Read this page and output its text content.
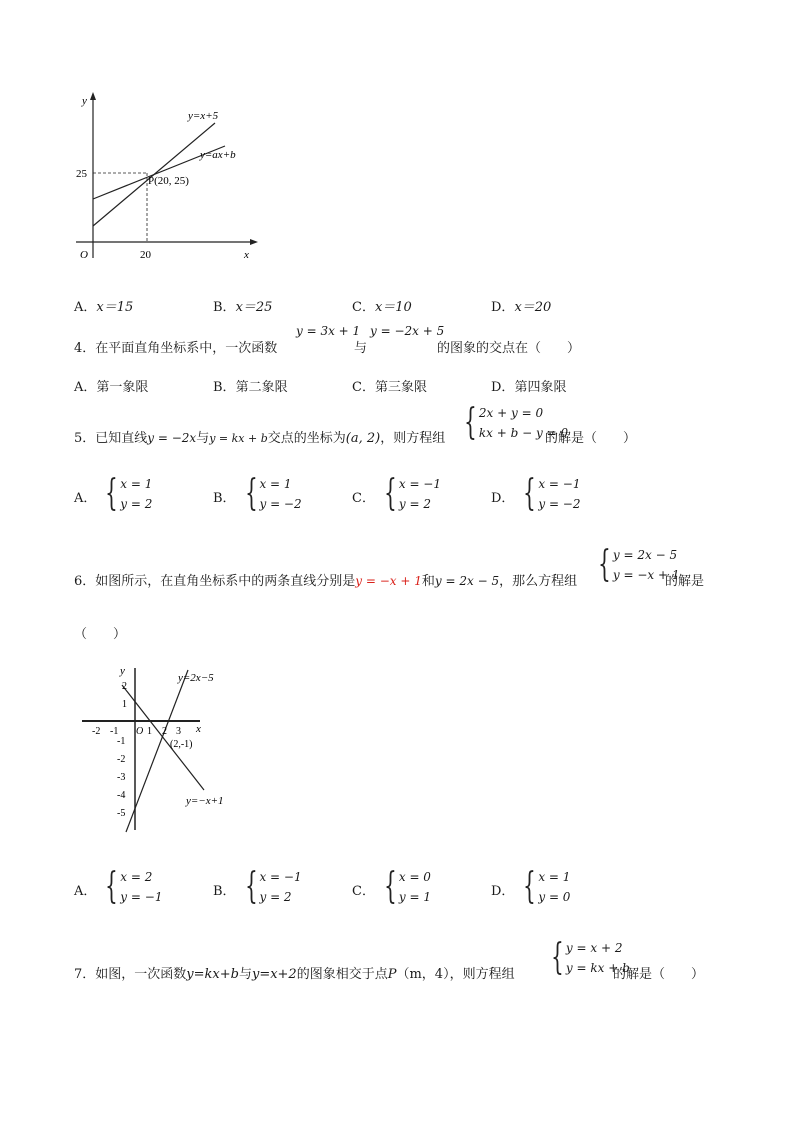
y
x
O
25
20
y=x+5
y=ax+b
P(20, 25)
A．x＝15	B．x＝25	C．x＝10	D．x＝20
4．在平面直角坐标系中，一次函数
y = 3x + 1
与
y = −2x + 5
的图象的交点在（　　）
A．第一象限	B．第二象限	C．第三象限	D．第四象限
5．已知直线y = −2x与y = kx + b交点的坐标为(a, 2)，则方程组 { 2x + y = 0
kx + b − y = 0
的解是（　　）
A． { x = 1
y = 2	B． { x = 1
y = −2	C． { x = −1
y = 2	D． { x = −1
y = −2
6．如图所示，在直角坐标系中的两条直线分别是y = −x + 1和y = 2x − 5，那么方程组 { y = 2x − 5
y = −x + 1
的解是
（　　）
y
x
O
-2 -1	1 2 3
2
1
-1
-2
-3
-4
-5
y=2x−5
y=−x+1
(2,-1)
A． { x = 2
y = −1	B． { x = −1
y = 2	C． { x = 0
y = 1	D． { x = 1
y = 0
7．如图，一次函数y=kx+b与y=x+2的图象相交于点P（m，4），则方程组 { y = x + 2
y = kx + b
的解是（　　）
